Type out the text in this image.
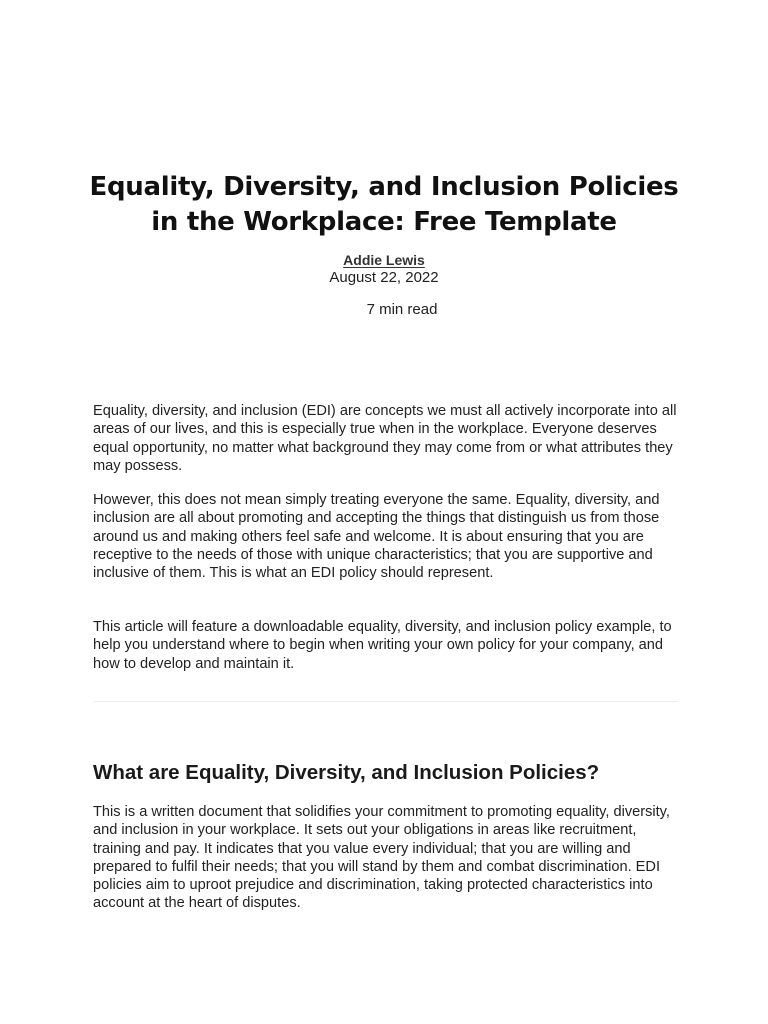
Equality, Diversity, and Inclusion Policies
in the Workplace: Free Template
Addie Lewis
August 22, 2022
7 min read

Equality, diversity, and inclusion (EDI) are concepts we must all actively incorporate into all areas of our lives, and this is especially true when in the workplace. Everyone deserves equal opportunity, no matter what background they may come from or what attributes they may possess.

However, this does not mean simply treating everyone the same. Equality, diversity, and inclusion are all about promoting and accepting the things that distinguish us from those around us and making others feel safe and welcome. It is about ensuring that you are receptive to the needs of those with unique characteristics; that you are supportive and inclusive of them. This is what an EDI policy should represent.

This article will feature a downloadable equality, diversity, and inclusion policy example, to help you understand where to begin when writing your own policy for your company, and how to develop and maintain it.

What are Equality, Diversity, and Inclusion Policies?

This is a written document that solidifies your commitment to promoting equality, diversity, and inclusion in your workplace. It sets out your obligations in areas like recruitment, training and pay. It indicates that you value every individual; that you are willing and prepared to fulfil their needs; that you will stand by them and combat discrimination. EDI policies aim to uproot prejudice and discrimination, taking protected characteristics into account at the heart of disputes.
